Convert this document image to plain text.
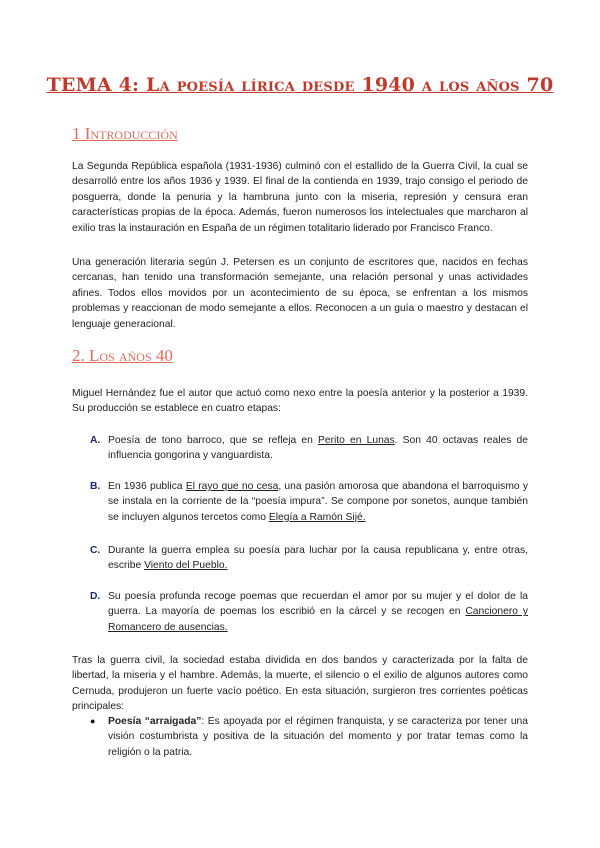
TEMA 4: La poesía lírica desde 1940 a los años 70
1 Introducción

La Segunda República española (1931-1936) culminó con el estallido de la Guerra Civil, la cual se desarrolló entre los años 1936 y 1939. El final de la contienda en 1939, trajo consigo el periodo de posguerra, donde la penuria y la hambruna junto con la miseria, represión y censura eran características propias de la época. Además, fueron numerosos los intelectuales que marcharon al exilio tras la instauración en España de un régimen totalitario liderado por Francisco Franco.

Una generación literaria según J. Petersen es un conjunto de escritores que, nacidos en fechas cercanas, han tenido una transformación semejante, una relación personal y unas actividades afines. Todos ellos movidos por un acontecimiento de su época, se enfrentan a los mismos problemas y reaccionan de modo semejante a ellos. Reconocen a un guía o maestro y destacan el lenguaje generacional.

2. Los años 40

Miguel Hernández fue el autor que actuó como nexo entre la poesía anterior y la posterior a 1939. Su producción se establece en cuatro etapas:

A. Poesía de tono barroco, que se refleja en Perito en Lunas. Son 40 octavas reales de influencia gongorina y vanguardista.

B. En 1936 publica El rayo que no cesa, una pasión amorosa que abandona el barroquismo y se instala en la corriente de la “poesía impura”. Se compone por sonetos, aunque también se incluyen algunos tercetos como Elegía a Ramón Sijé.

C. Durante la guerra emplea su poesía para luchar por la causa republicana y, entre otras, escribe Viento del Pueblo.

D. Su poesía profunda recoge poemas que recuerdan el amor por su mujer y el dolor de la guerra. La mayoría de poemas los escribió en la cárcel y se recogen en Cancionero y Romancero de ausencias.

Tras la guerra civil, la sociedad estaba dividida en dos bandos y caracterizada por la falta de libertad, la miseria y el hambre. Además, la muerte, el silencio o el exilio de algunos autores como Cernuda, produjeron un fuerte vacío poético. En esta situación, surgieron tres corrientes poéticas principales:

● Poesía “arraigada”: Es apoyada por el régimen franquista, y se caracteriza por tener una visión costumbrista y positiva de la situación del momento y por tratar temas como la religión o la patria.
